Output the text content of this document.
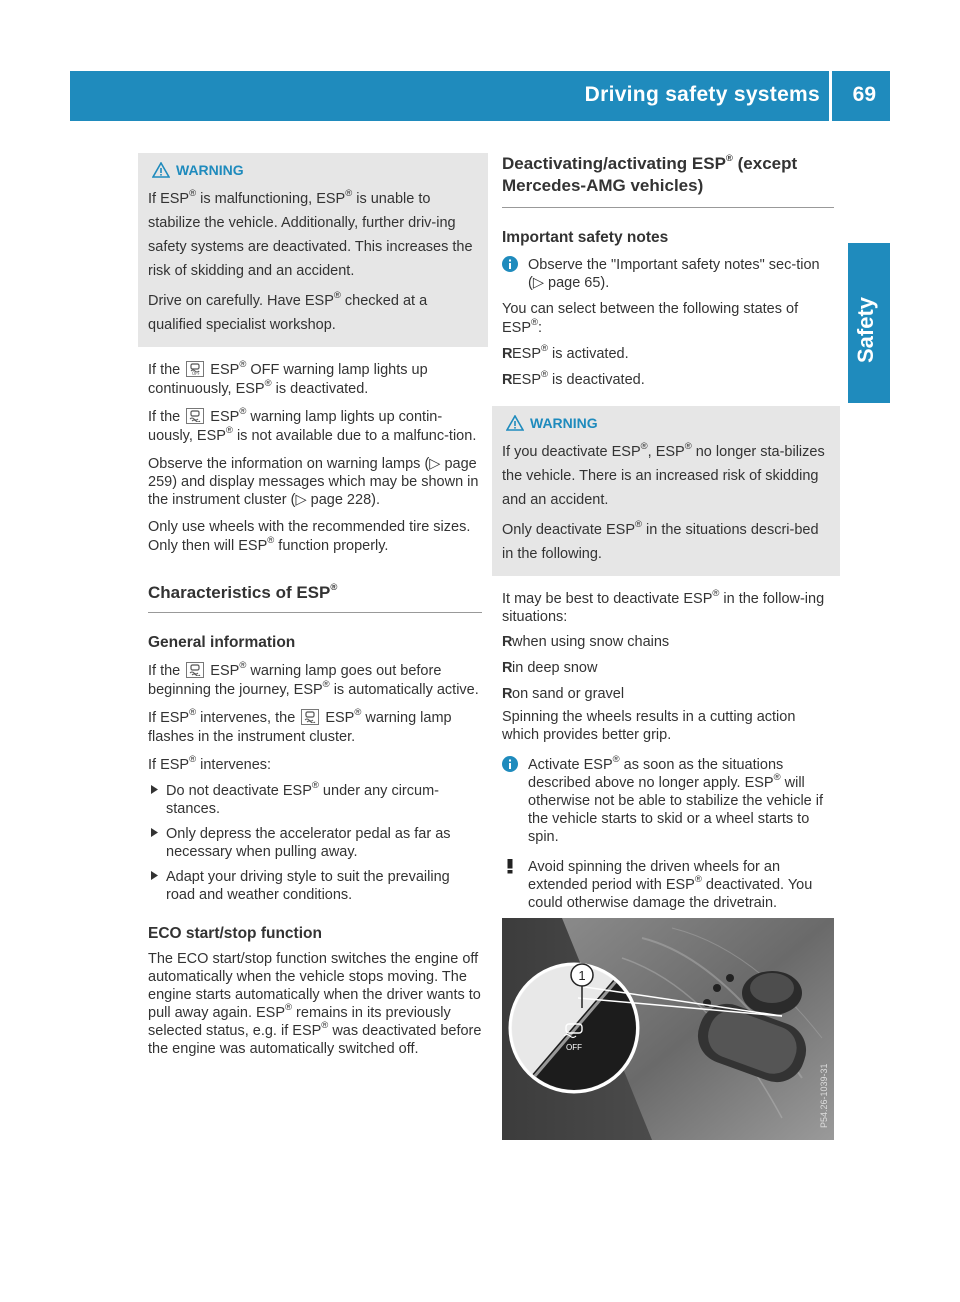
Driving safety systems 69
Safety
WARNING

If ESP® is malfunctioning, ESP® is unable to stabilize the vehicle. Additionally, further driv-ing safety systems are deactivated. This increases the risk of skidding and an accident.

Drive on carefully. Have ESP® checked at a qualified specialist workshop.

If the	OFF ESP® OFF warning lamp lights up continuously, ESP® is deactivated.

If the
ESP® warning lamp lights up contin-uously, ESP® is not available due to a malfunc-tion.

Observe the information on warning lamps (▷ page 259) and display messages which may be shown in the instrument cluster (▷ page 228).

Only use wheels with the recommended tire sizes. Only then will ESP® function properly.

Characteristics of ESP®
General information

If the
ESP® warning lamp goes out before beginning the journey, ESP® is automatically active.

If ESP® intervenes, the
ESP® warning lamp flashes in the instrument cluster.

If ESP® intervenes:

Do not deactivate ESP® under any circum-stances.
Only depress the accelerator pedal as far as necessary when pulling away.
Adapt your driving style to suit the prevailing road and weather conditions.
ECO start/stop function

The ECO start/stop function switches the engine off automatically when the vehicle stops moving. The engine starts automatically when the driver wants to pull away again. ESP® remains in its previously selected status, e.g. if ESP® was deactivated before the engine was automatically switched off.

Deactivating/activating ESP® (except Mercedes-AMG vehicles)
Important safety notes
Observe the "Important safety notes" sec-tion (▷ page 65).

You can select between the following states of ESP®:

R ESP® is activated.
R ESP® is deactivated.
WARNING

If you deactivate ESP®, ESP® no longer sta-bilizes the vehicle. There is an increased risk of skidding and an accident.

Only deactivate ESP® in the situations descri-bed in the following.

It may be best to deactivate ESP® in the follow-ing situations:

R when using snow chains
R in deep snow
R on sand or gravel

Spinning the wheels results in a cutting action which provides better grip.

Activate ESP® as soon as the situations described above no longer apply. ESP® will otherwise not be able to stabilize the vehicle if the vehicle starts to skid or a wheel starts to spin.
Avoid spinning the driven wheels for an extended period with ESP® deactivated. You could otherwise damage the drivetrain.
1
OFF
P54.26-1039-31
